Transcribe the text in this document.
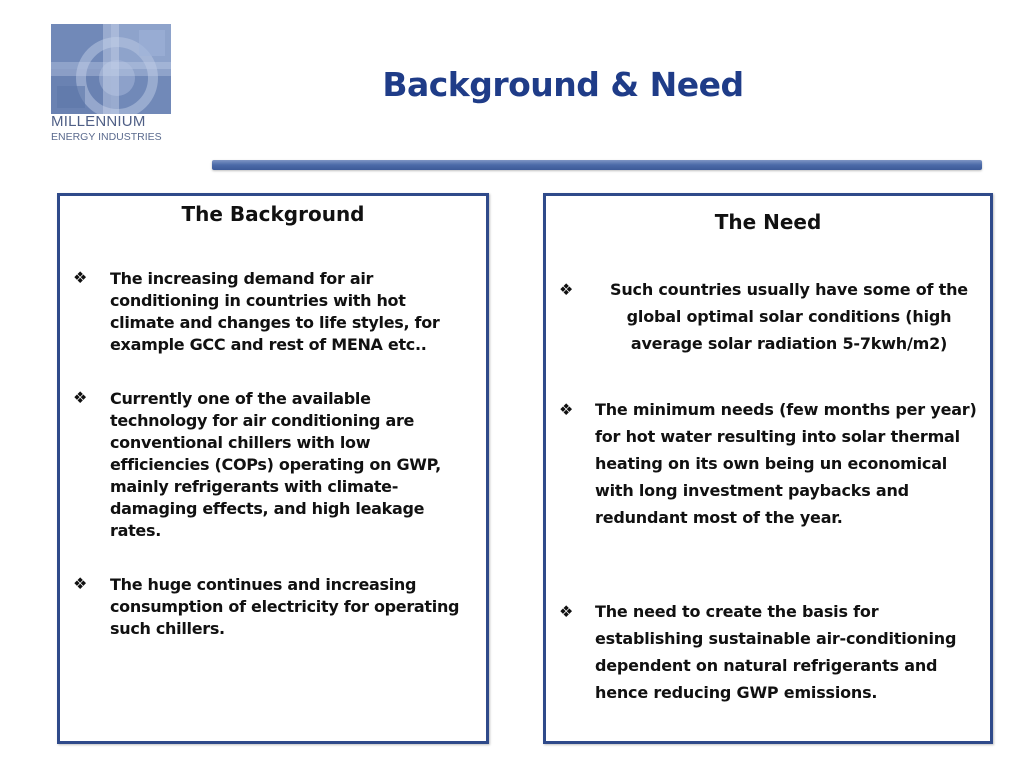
MILLENNIUM
ENERGY INDUSTRIES
Background & Need
The Background
❖ The increasing demand for air conditioning in countries with hot climate and changes to life styles, for example GCC and rest of MENA etc..
❖ Currently one of the available technology for air conditioning are conventional chillers with low efficiencies (COPs) operating on GWP, mainly refrigerants with climate-damaging effects, and high leakage rates.
❖ The huge continues and increasing consumption of electricity for operating such chillers.
The Need
❖	Such countries usually have some of the global optimal solar conditions (high average solar radiation 5-7kwh/m2)
❖ The minimum needs (few months per year) for hot water resulting into solar thermal heating on its own being un economical with long investment paybacks and redundant most of the year.
❖ The need to create the basis for establishing sustainable air-conditioning dependent on natural refrigerants and hence reducing GWP emissions.
